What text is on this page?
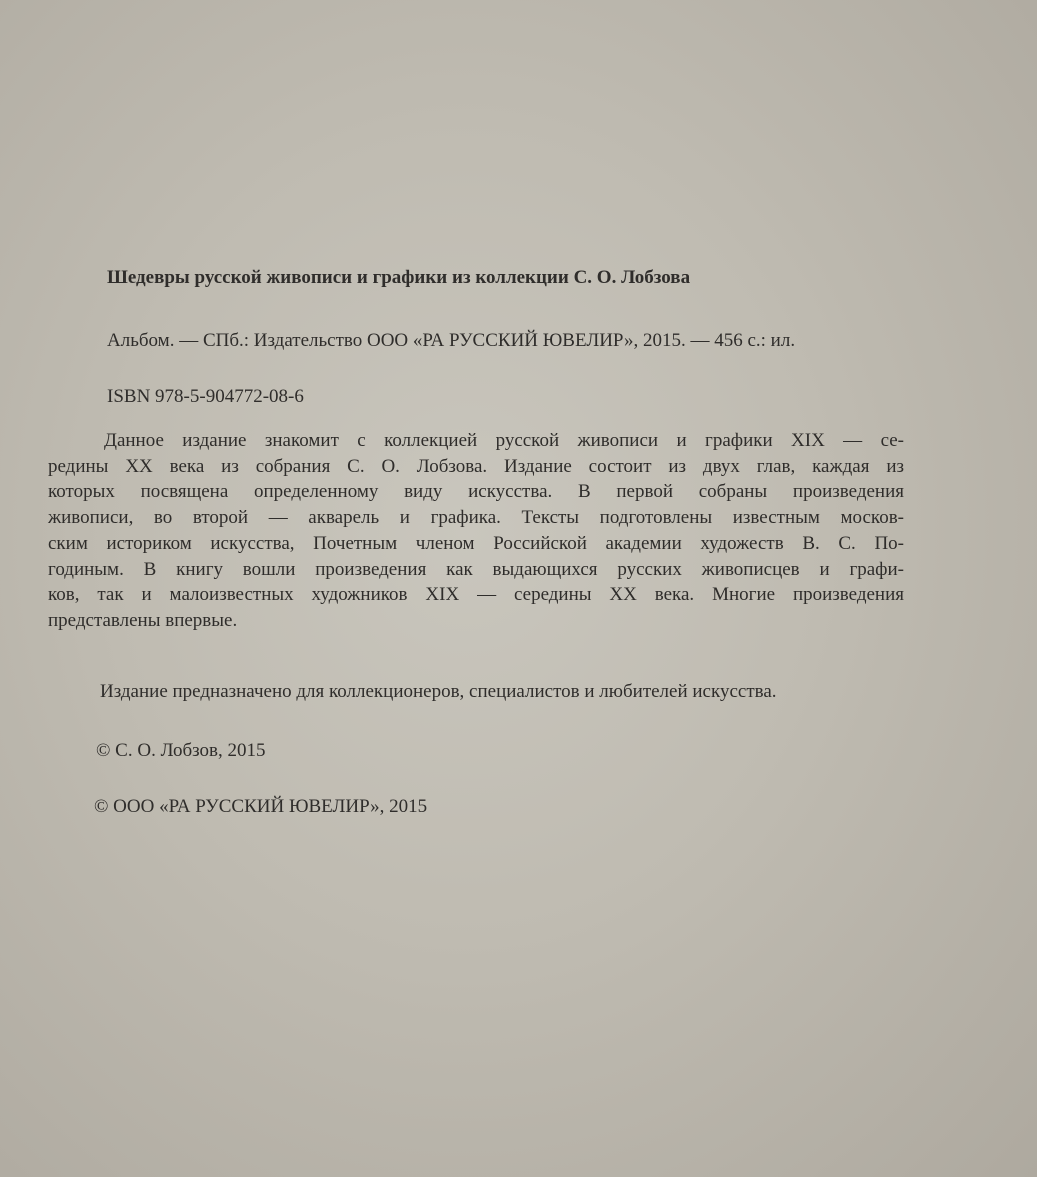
Шедевры русской живописи и графики из коллекции С. О. Лобзова
Альбом. — СПб.: Издательство ООО «РА РУССКИЙ ЮВЕЛИР», 2015. — 456 с.: ил.
ISBN 978-5-904772-08-6
Данное издание знакомит с коллекцией русской живописи и графики XIX — се-
редины XX века из собрания С. О. Лобзова. Издание состоит из двух глав, каждая из
которых посвящена определенному виду искусства. В первой собраны произведения
живописи, во второй — акварель и графика. Тексты подготовлены известным москов-
ским историком искусства, Почетным членом Российской академии художеств В. С. По-
годиным. В книгу вошли произведения как выдающихся русских живописцев и графи-
ков, так и малоизвестных художников XIX — середины XX века. Многие произведения
представлены впервые.
Издание предназначено для коллекционеров, специалистов и любителей искусства.
© С. О. Лобзов, 2015
© ООО «РА РУССКИЙ ЮВЕЛИР», 2015
